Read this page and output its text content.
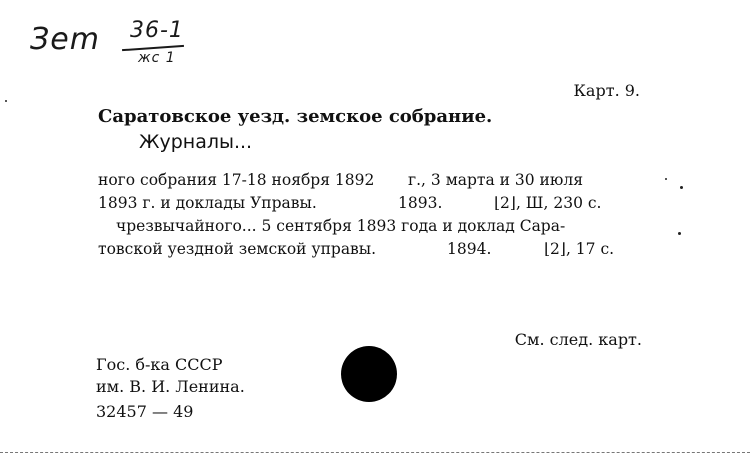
Зem 36-1
жс 1
Карт. 9.
Саратовское уезд. земское собрание.
Журналы...
ного собрания 17-18 ноября 1892 г., 3 марта и 30 июля
1893 г. и доклады Управы.	1893.	⌊2⌋, Ш, 230 с.
чрезвычайного... 5 сентября 1893 года и доклад Сара-
товской уездной земской управы.	1894.	⌊2⌋, 17 с.
См. след. карт.
Гос. б-ка СССР
им. В. И. Ленина.
32457 — 49
